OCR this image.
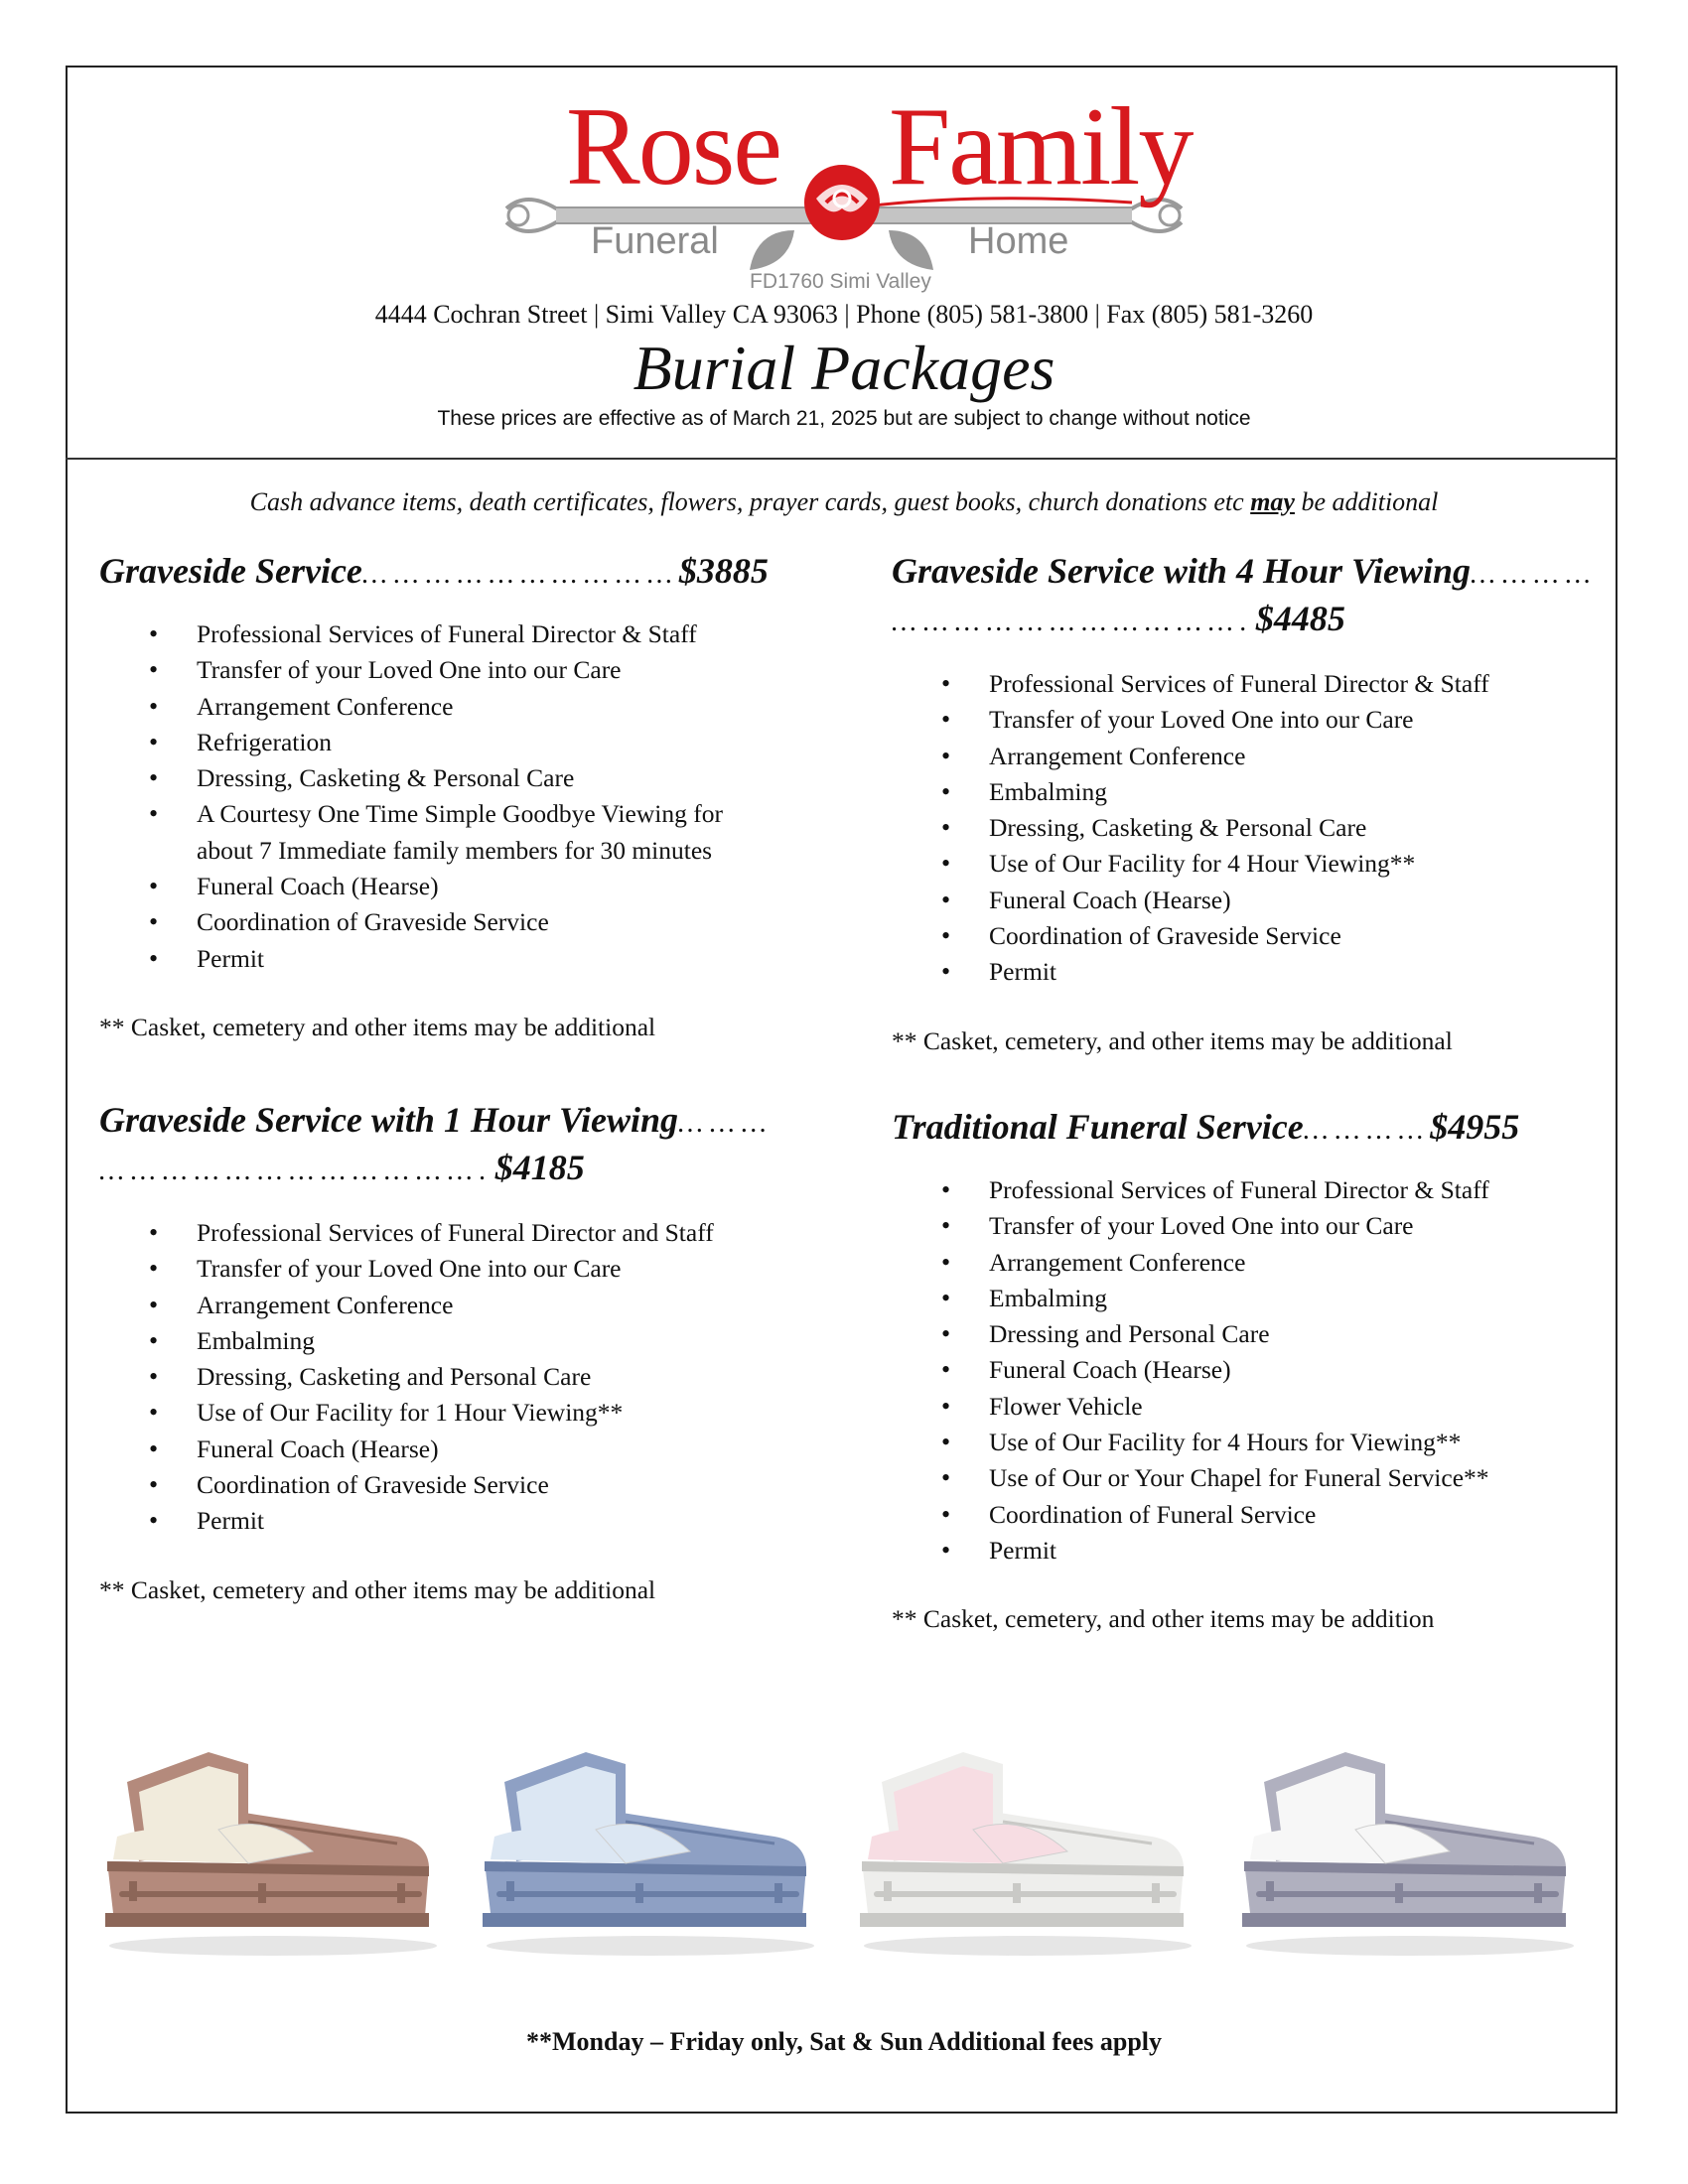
Rose Family
Funeral	Home
FD1760 Simi Valley
4444 Cochran Street | Simi Valley CA 93063 | Phone (805) 581-3800 | Fax (805) 581-3260
Burial Packages
These prices are effective as of March 21, 2025 but are subject to change without notice
Cash advance items, death certificates, flowers, prayer cards, guest books, church donations etc may be additional
Graveside Service… … … … … … … … … … $3885
• Professional Services of Funeral Director & Staff
• Transfer of your Loved One into our Care
• Arrangement Conference
• Refrigeration
• Dressing, Casketing & Personal Care
• A Courtesy One Time Simple Goodbye Viewing for about 7 Immediate family members for 30 minutes
• Funeral Coach (Hearse)
• Coordination of Graveside Service
• Permit
** Casket, cemetery and other items may be additional
Graveside Service with 4 Hour Viewing… … … … … … … … … … … … … … … . $4485
• Professional Services of Funeral Director & Staff
• Transfer of your Loved One into our Care
• Arrangement Conference
• Embalming
• Dressing, Casketing & Personal Care
• Use of Our Facility for 4 Hour Viewing**
• Funeral Coach (Hearse)
• Coordination of Graveside Service
• Permit
** Casket, cemetery, and other items may be additional
Graveside Service with 1 Hour Viewing… … … … … … … … … … … … … … … . $4185
• Professional Services of Funeral Director and Staff
• Transfer of your Loved One into our Care
• Arrangement Conference
• Embalming
• Dressing, Casketing and Personal Care
• Use of Our Facility for 1 Hour Viewing**
• Funeral Coach (Hearse)
• Coordination of Graveside Service
• Permit
** Casket, cemetery and other items may be additional
Traditional Funeral Service… … … … $4955
• Professional Services of Funeral Director & Staff
• Transfer of your Loved One into our Care
• Arrangement Conference
• Embalming
• Dressing and Personal Care
• Funeral Coach (Hearse)
• Flower Vehicle
• Use of Our Facility for 4 Hours for Viewing**
• Use of Our or Your Chapel for Funeral Service**
• Coordination of Funeral Service
• Permit
** Casket, cemetery, and other items may be addition
**Monday – Friday only, Sat & Sun Additional fees apply
